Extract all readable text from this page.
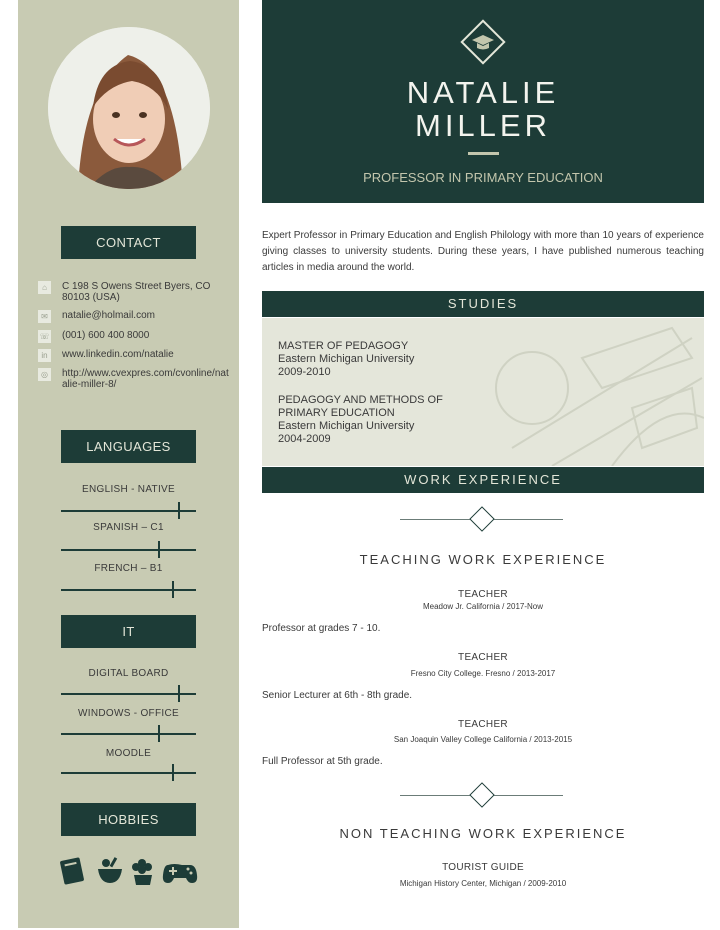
CONTACT
⌂	C 198 S Owens Street Byers, CO 80103 (USA)
✉	natalie@holmail.com
☏ (001) 600 400 8000
in	www.linkedin.com/natalie
◎	http://www.cvexpres.com/cvonline/natalie-miller-8/
LANGUAGES
ENGLISH - NATIVE
SPANISH – C1
FRENCH – B1
IT
DIGITAL BOARD
WINDOWS - OFFICE
MOODLE
HOBBIES
NATALIE
MILLER
PROFESSOR IN PRIMARY EDUCATION
Expert Professor in Primary Education and English Philology with more than 10 years of experience giving classes to university students. During these years, I have published numerous teaching articles in media around the world.
STUDIES
MASTER OF PEDAGOGY
Eastern Michigan University
2009-2010
PEDAGOGY AND METHODS OF PRIMARY EDUCATION
Eastern Michigan University
2004-2009
WORK EXPERIENCE
TEACHING WORK EXPERIENCE
TEACHER
Meadow Jr. California / 2017-Now
Professor at grades 7 - 10.
TEACHER
Fresno City College. Fresno / 2013-2017
Senior Lecturer at 6th - 8th grade.
TEACHER
San Joaquin Valley College California / 2013-2015
Full Professor at 5th grade.
NON TEACHING WORK EXPERIENCE
TOURIST GUIDE
Michigan History Center, Michigan / 2009-2010
